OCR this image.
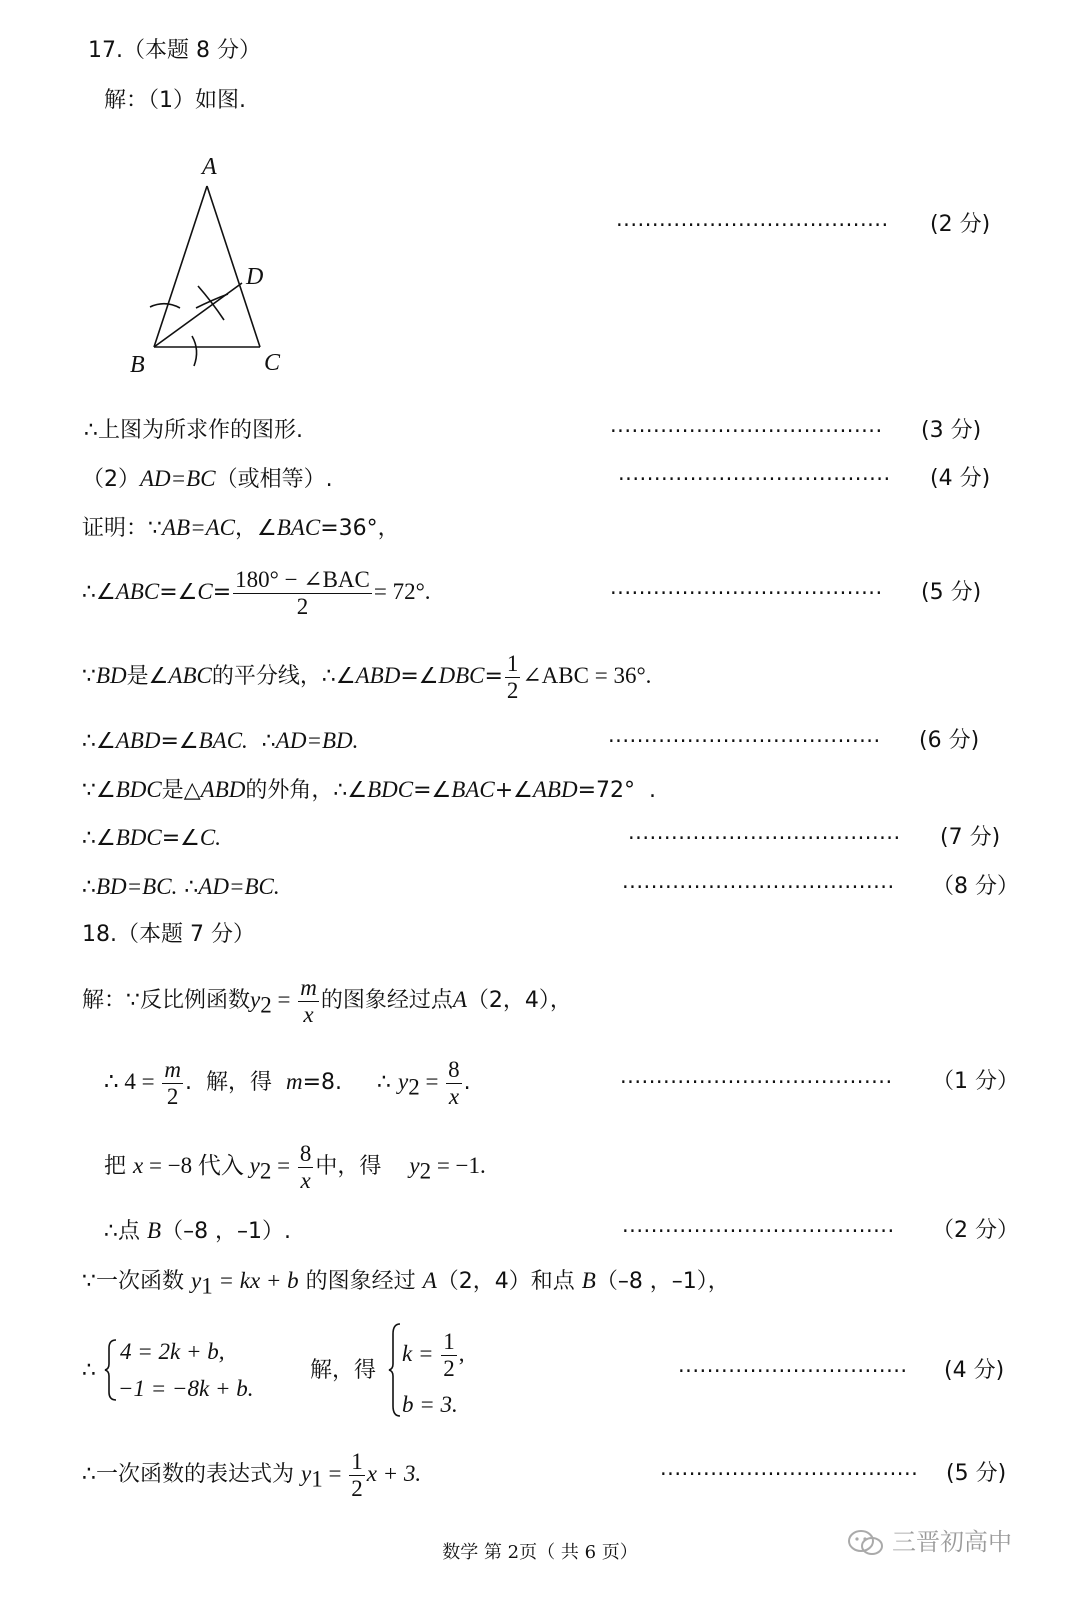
17.（本题 8 分）
解：（1）如图.
A
D
B	C
······································ (2 分)
∴上图为所求作的图形.	······································ (3 分)
（2）AD=BC（或相等）.	······································ (4 分)
证明：∵AB=AC，∠BAC=36°，
∴∠ABC=∠C= $\frac{\text{180° − ∠BAC}}{2} = 72^\circ$.	······································ (5 分)
∵BD是∠ABC的平分线，∴∠ABD=∠DBC= $\frac{1}{2}$ ∠ABC = 36°.
∴∠ABD=∠BAC.  ∴AD=BD.	······································ (6 分)
∵∠BDC是△ABD的外角，∴∠BDC=∠BAC+∠ABD=72°  .
∴∠BDC=∠C.	······································ (7 分)
∴BD=BC. ∴AD=BC.	······································ （8 分）
18.（本题 7 分）
解：∵反比例函数$y_2 = \frac{m}{x}$ 的图象经过点A（2，4），
∴ $4 = \frac{m}{2}$ .  解，得  m=8.     ∴ $y_2 = \frac{8}{x}$ .	······································ （1 分）
把 x = −8 代入 $y_2 = \frac{8}{x}$ 中，得    $y_2 = -1$.
∴点 B（–8 ，–1）.	······································ （2 分）
∵一次函数 $y_1$ = kx + b 的图象经过 A（2，4）和点 B（–8 ，–1），
∴
4 = 2k + b,
−1 = −8k + b.
解，得
$k = \frac{1}{2}$ ,
b = 3.
································ (4 分)
∴一次函数的表达式为 $y_1 = \frac{1}{2}$ x + 3.	···································· (5 分)
数学 第 2页（ 共 6 页）	三晋初高中
